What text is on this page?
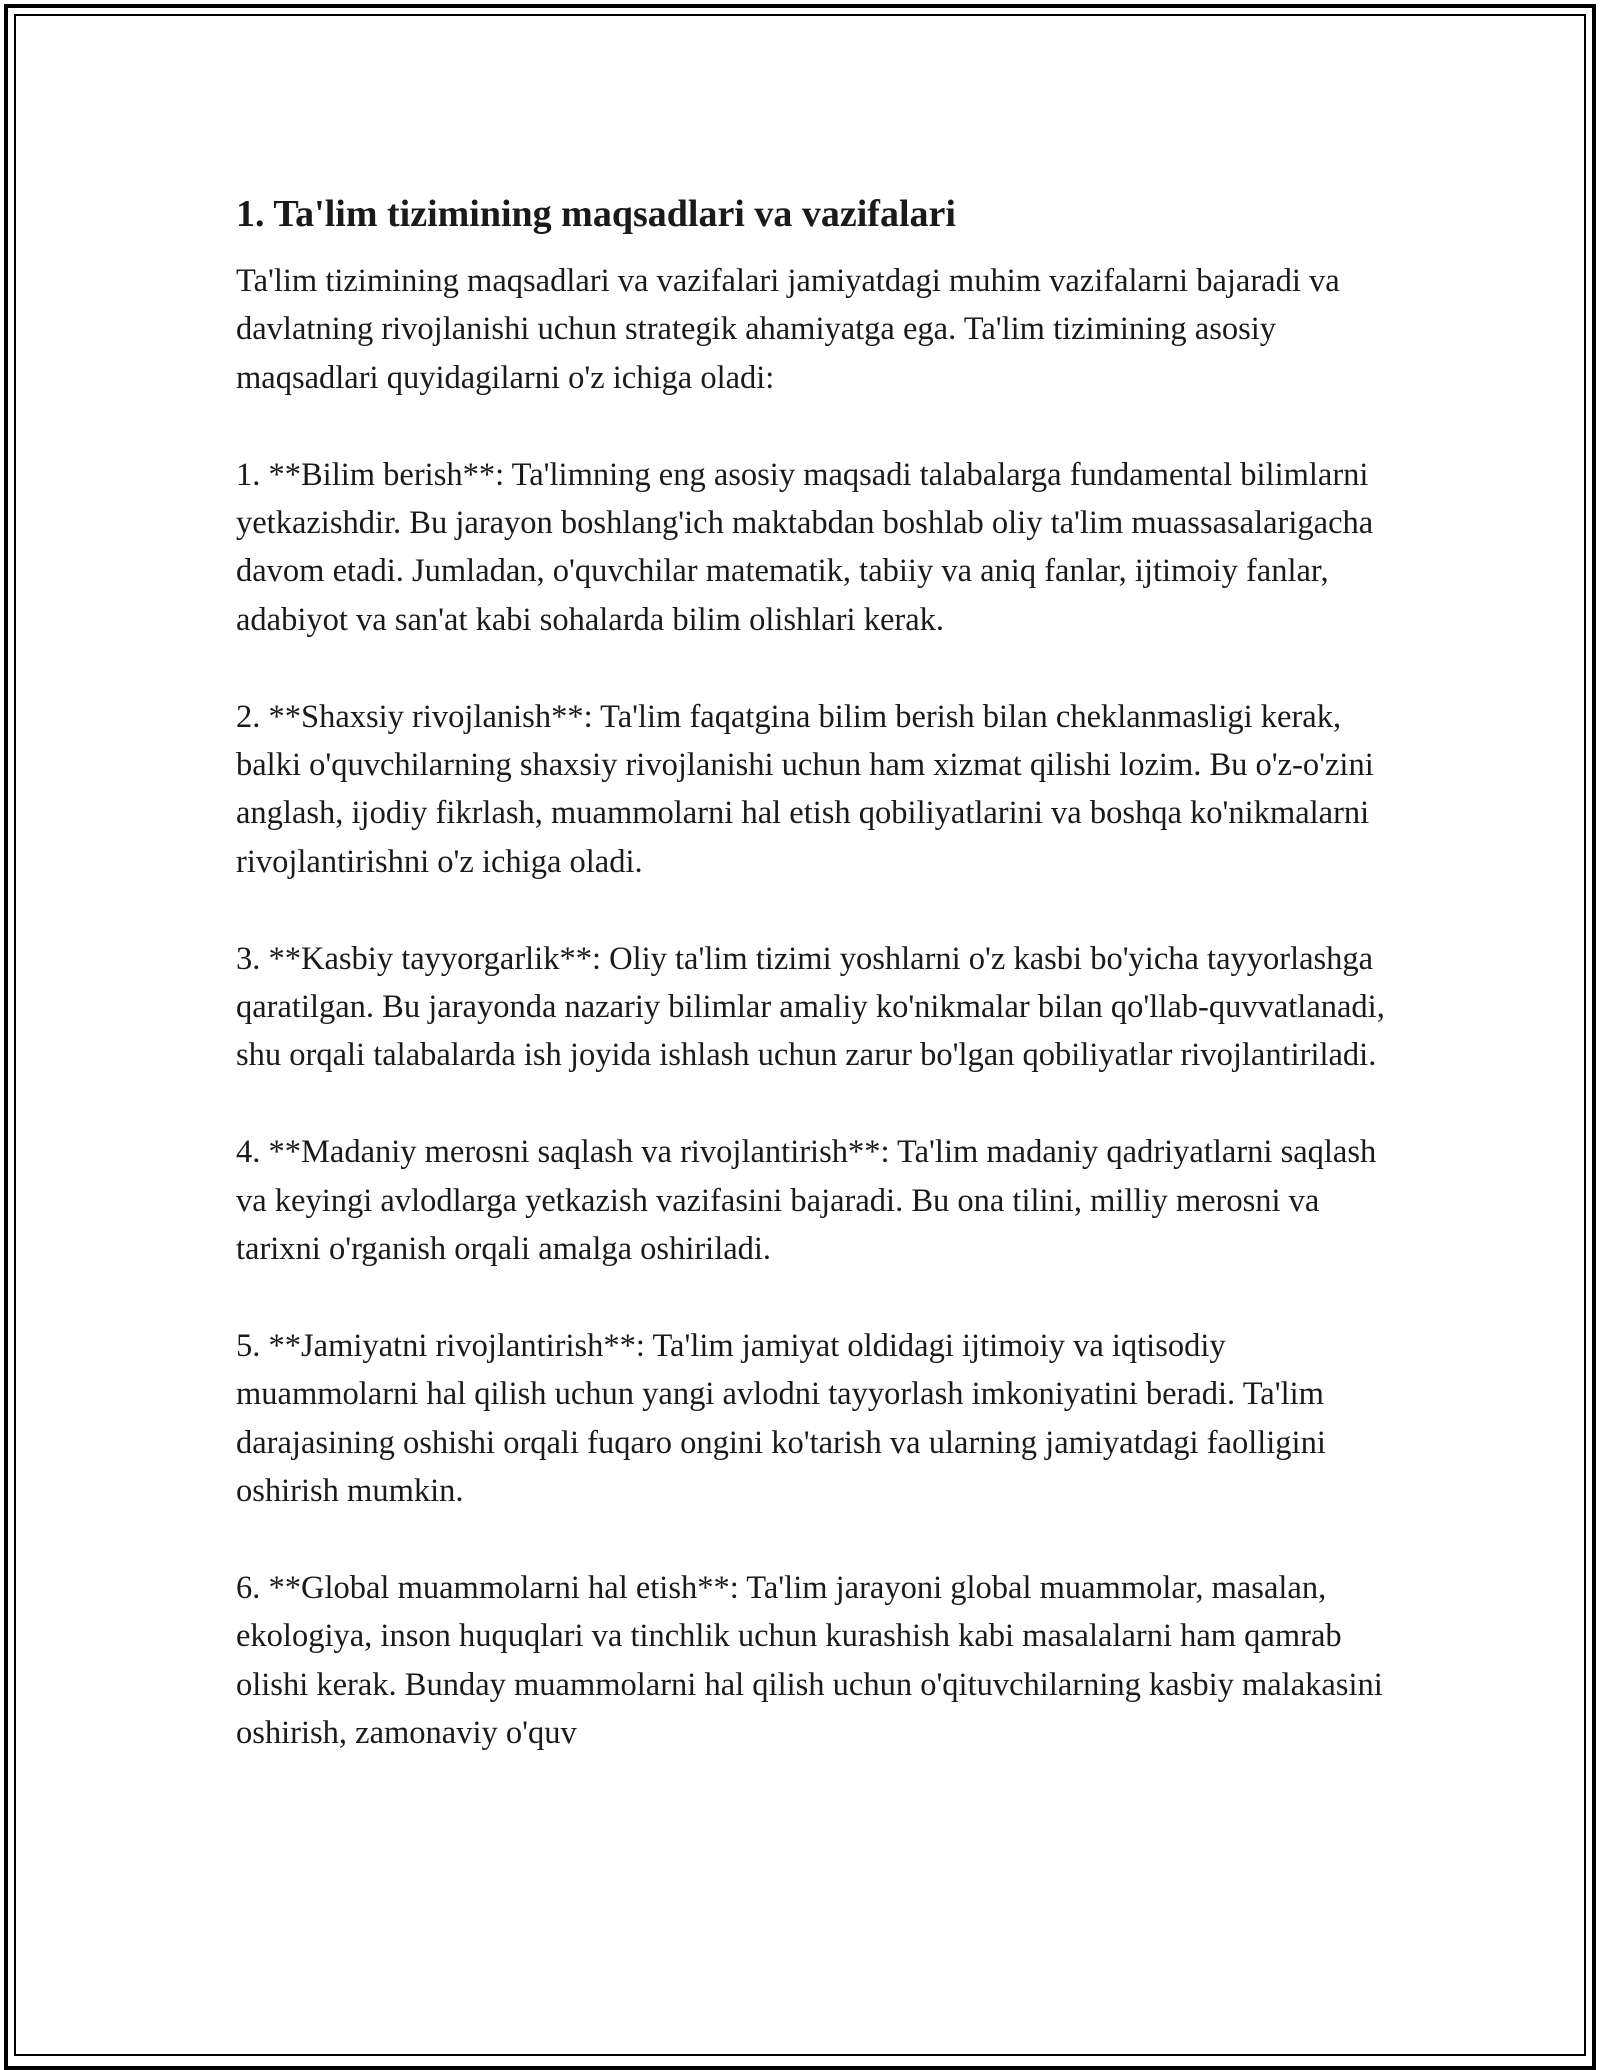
1. Ta'lim tizimining maqsadlari va vazifalari

Ta'lim tizimining maqsadlari va vazifalari jamiyatdagi muhim vazifalarni bajaradi va davlatning rivojlanishi uchun strategik ahamiyatga ega. Ta'lim tizimining asosiy maqsadlari quyidagilarni o'z ichiga oladi:

1. **Bilim berish**: Ta'limning eng asosiy maqsadi talabalarga fundamental bilimlarni yetkazishdir. Bu jarayon boshlang'ich maktabdan boshlab oliy ta'lim muassasalarigacha davom etadi. Jumladan, o'quvchilar matematik, tabiiy va aniq fanlar, ijtimoiy fanlar, adabiyot va san'at kabi sohalarda bilim olishlari kerak.

2. **Shaxsiy rivojlanish**: Ta'lim faqatgina bilim berish bilan cheklanmasligi kerak, balki o'quvchilarning shaxsiy rivojlanishi uchun ham xizmat qilishi lozim. Bu o'z-o'zini anglash, ijodiy fikrlash, muammolarni hal etish qobiliyatlarini va boshqa ko'nikmalarni rivojlantirishni o'z ichiga oladi.

3. **Kasbiy tayyorgarlik**: Oliy ta'lim tizimi yoshlarni o'z kasbi bo'yicha tayyorlashga qaratilgan. Bu jarayonda nazariy bilimlar amaliy ko'nikmalar bilan qo'llab-quvvatlanadi, shu orqali talabalarda ish joyida ishlash uchun zarur bo'lgan qobiliyatlar rivojlantiriladi.

4. **Madaniy merosni saqlash va rivojlantirish**: Ta'lim madaniy qadriyatlarni saqlash va keyingi avlodlarga yetkazish vazifasini bajaradi. Bu ona tilini, milliy merosni va tarixni o'rganish orqali amalga oshiriladi.

5. **Jamiyatni rivojlantirish**: Ta'lim jamiyat oldidagi ijtimoiy va iqtisodiy muammolarni hal qilish uchun yangi avlodni tayyorlash imkoniyatini beradi. Ta'lim darajasining oshishi orqali fuqaro ongini ko'tarish va ularning jamiyatdagi faolligini oshirish mumkin.

6. **Global muammolarni hal etish**: Ta'lim jarayoni global muammolar, masalan, ekologiya, inson huquqlari va tinchlik uchun kurashish kabi masalalarni ham qamrab olishi kerak. Bunday muammolarni hal qilish uchun o'qituvchilarning kasbiy malakasini oshirish, zamonaviy o'quv
